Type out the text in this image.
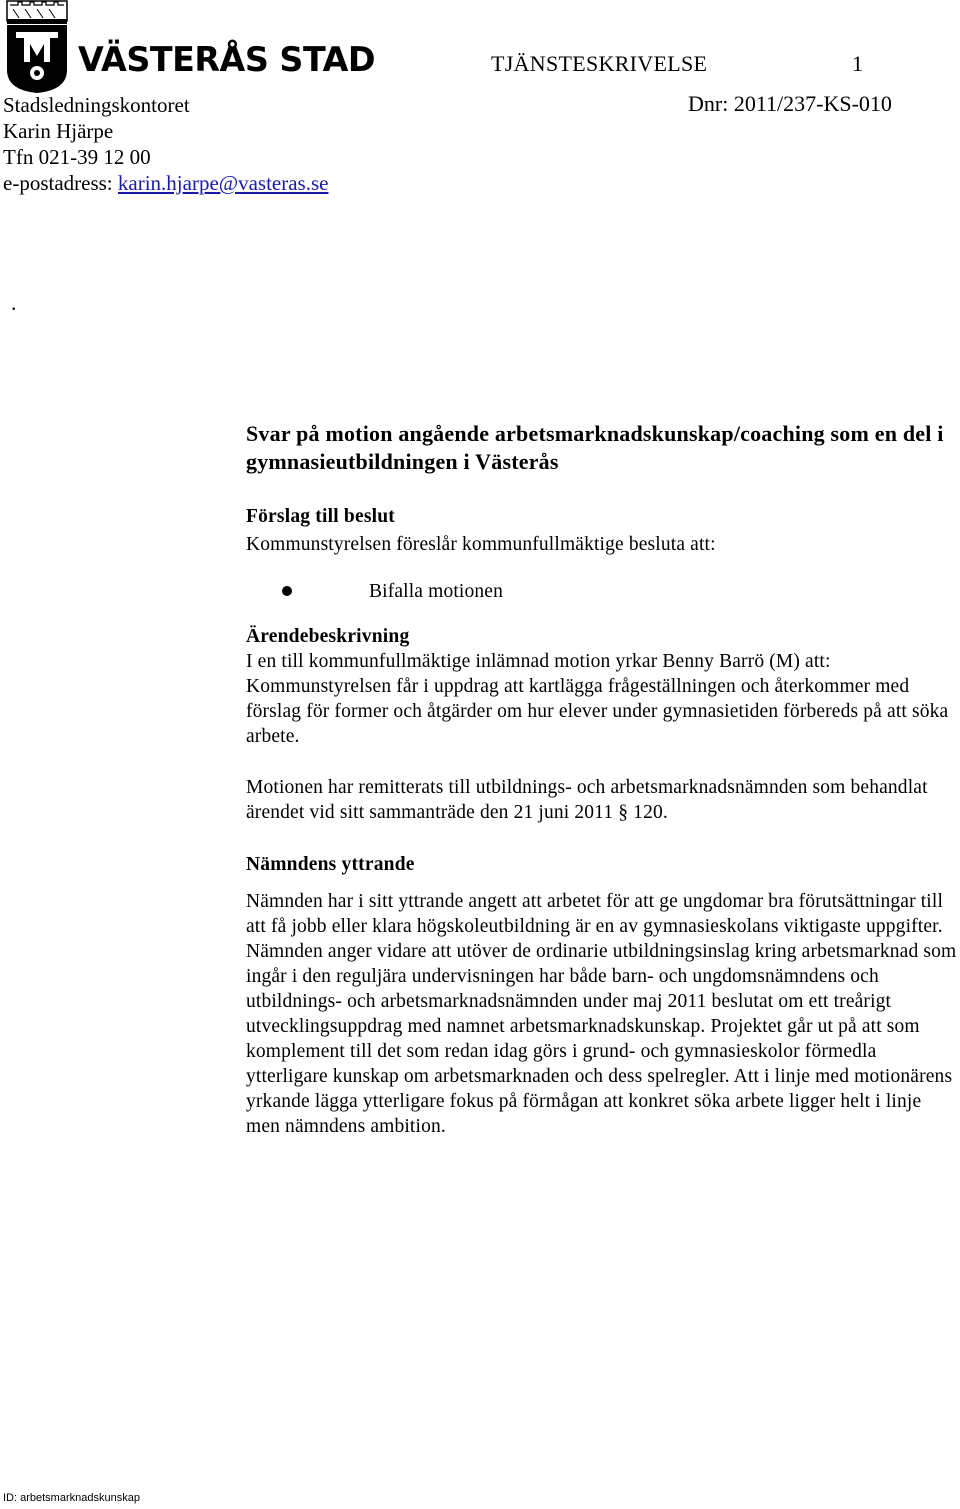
VÄSTERÅS STAD	TJÄNSTESKRIVELSE	1
Dnr: 2011/237-KS-010
Stadsledningskontoret
Karin Hjärpe
Tfn 021-39 12 00
e-postadress: karin.hjarpe@vasteras.se
.
Svar på motion angående arbetsmarknadskunskap/coaching som en del i gymnasieutbildningen i Västerås
Förslag till beslut

Kommunstyrelsen föreslår kommunfullmäktige besluta att:

Bifalla motionen
Ärendebeskrivning

I en till kommunfullmäktige inlämnad motion yrkar Benny Barrö (M) att: Kommunstyrelsen får i uppdrag att kartlägga frågeställningen och återkommer med förslag för former och åtgärder om hur elever under gymnasietiden förbereds på att söka arbete.

Motionen har remitterats till utbildnings- och arbetsmarknadsnämnden som behandlat ärendet vid sitt sammanträde den 21 juni 2011 § 120.

Nämndens yttrande

Nämnden har i sitt yttrande angett att arbetet för att ge ungdomar bra förutsättningar till att få jobb eller klara högskoleutbildning är en av gymnasieskolans viktigaste uppgifter. Nämnden anger vidare att utöver de ordinarie utbildningsinslag kring arbetsmarknad som ingår i den reguljära undervisningen har både barn- och ungdomsnämndens och utbildnings- och arbetsmarknadsnämnden under maj 2011 beslutat om ett treårigt utvecklingsuppdrag med namnet arbetsmarknadskunskap. Projektet går ut på att som komplement till det som redan idag görs i grund- och gymnasieskolor förmedla ytterligare kunskap om arbetsmarknaden och dess spelregler. Att i linje med motionärens yrkande lägga ytterligare fokus på förmågan att konkret söka arbete ligger helt i linje men nämndens ambition.

ID: arbetsmarknadskunskap
